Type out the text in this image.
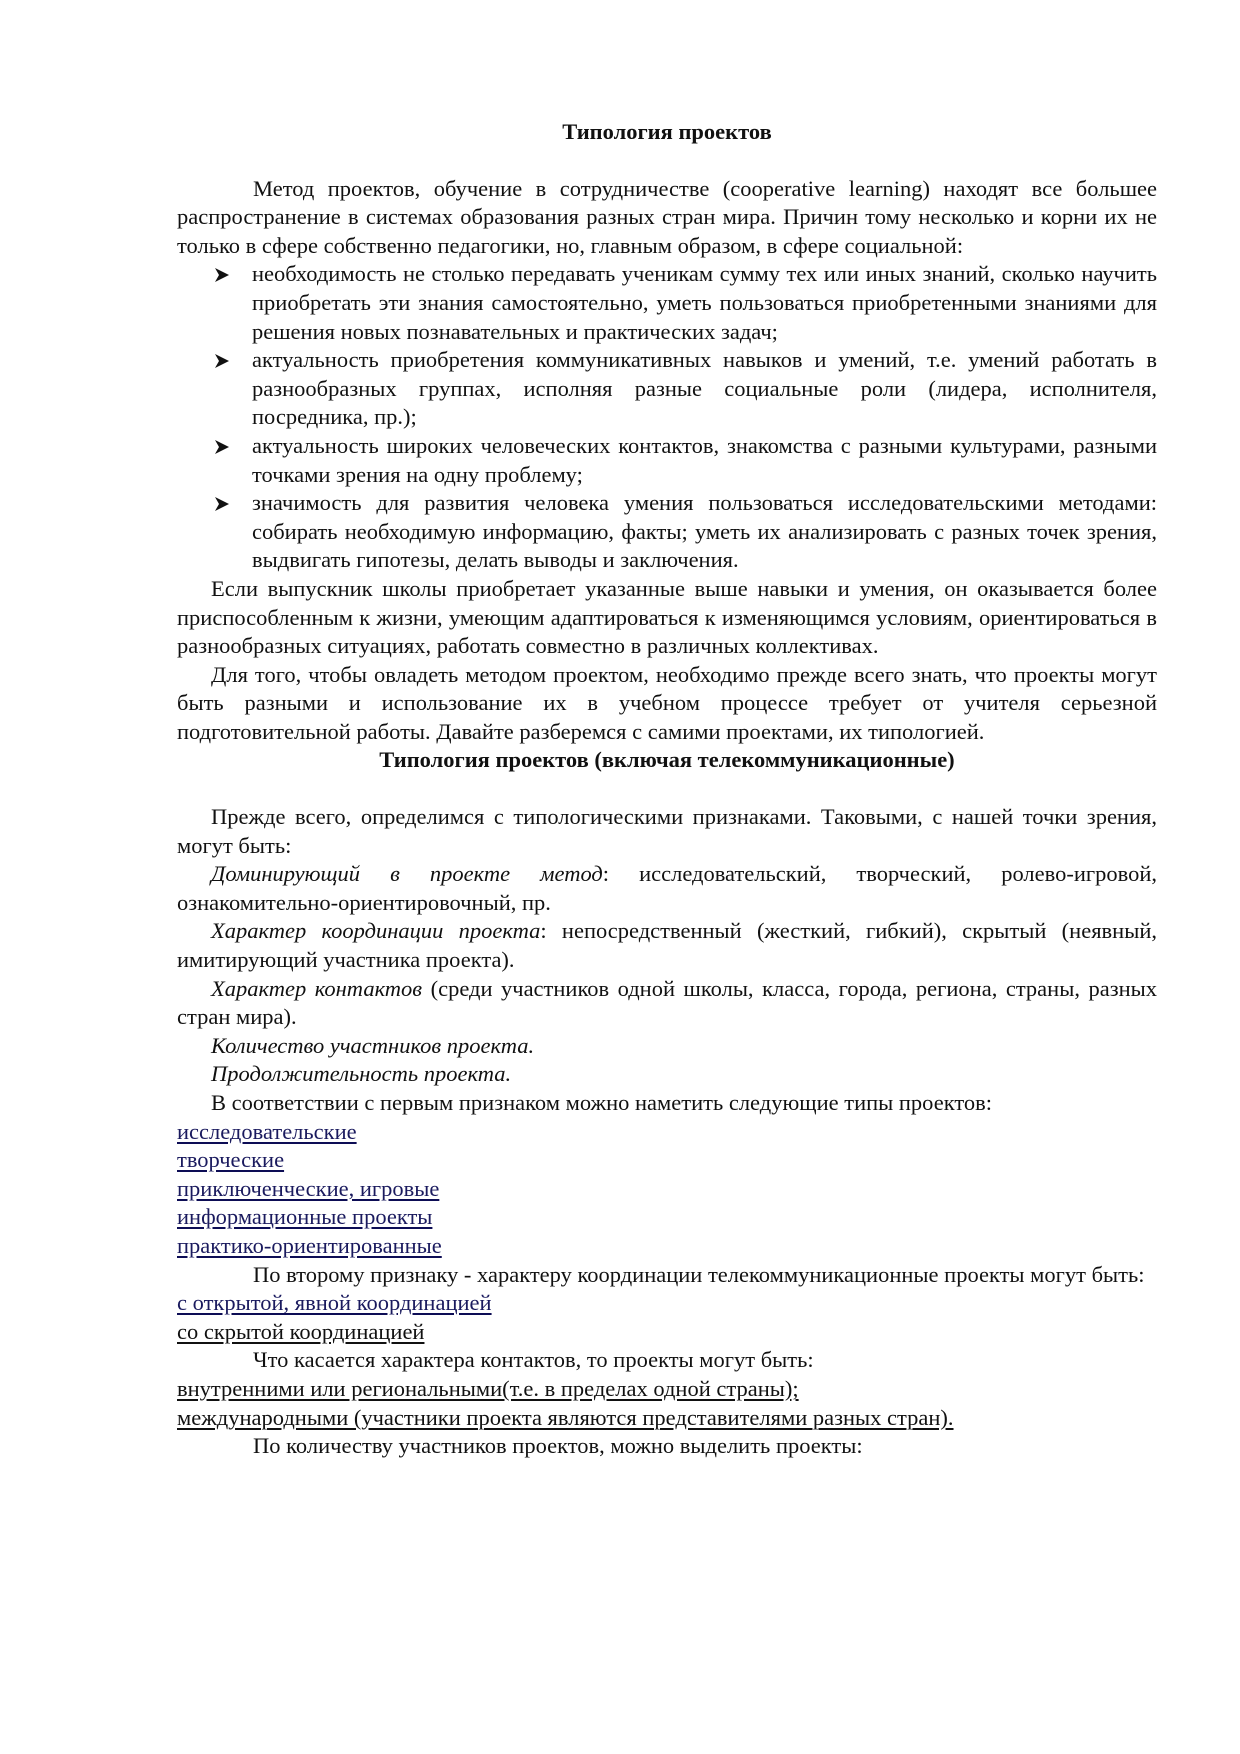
Типология проектов

Метод проектов, обучение в сотрудничестве (cooperative learning) находят все большее распространение в системах образования разных стран мира. Причин тому несколько и корни их не только в сфере собственно педагогики, но, главным образом, в сфере социальной:

необходимость не столько передавать ученикам сумму тех или иных знаний, сколько научить приобретать эти знания самостоятельно, уметь пользоваться приобретенными знаниями для решения новых познавательных и практических задач;
актуальность приобретения коммуникативных навыков и умений, т.е. умений работать в разнообразных группах, исполняя разные социальные роли (лидера, исполнителя, посредника, пр.);
актуальность широких человеческих контактов, знакомства с разными культурами, разными точками зрения на одну проблему;
значимость для развития человека умения пользоваться исследовательскими методами: собирать необходимую информацию, факты; уметь их анализировать с разных точек зрения, выдвигать гипотезы, делать выводы и заключения.

Если выпускник школы приобретает указанные выше навыки и умения, он оказывается более приспособленным к жизни, умеющим адаптироваться к изменяющимся условиям, ориентироваться в разнообразных ситуациях, работать совместно в различных коллективах.

Для того, чтобы овладеть методом проектом, необходимо прежде всего знать, что проекты могут быть разными и использование их в учебном процессе требует от учителя серьезной подготовительной работы. Давайте разберемся с самими проектами, их типологией.

Типология проектов (включая телекоммуникационные)

Прежде всего, определимся с типологическими признаками. Таковыми, с нашей точки зрения, могут быть:

Доминирующий в проекте метод: исследовательский, творческий, ролево-игровой, ознакомительно-ориентировочный, пр.

Характер координации проекта: непосредственный (жесткий, гибкий), скрытый (неявный, имитирующий участника проекта).

Характер контактов (среди участников одной школы, класса, города, региона, страны, разных стран мира).

Количество участников проекта.

Продолжительность проекта.

В соответствии с первым признаком можно наметить следующие типы проектов:

исследовательские
творческие
приключенческие, игровые
информационные проекты
практико-ориентированные

По второму признаку - характеру координации телекоммуникационные проекты могут быть:

с открытой, явной координацией
со скрытой координацией

Что касается характера контактов, то проекты могут быть:

внутренними или региональными(т.е. в пределах одной страны);
международными (участники проекта являются представителями разных стран).

По количеству участников проектов, можно выделить проекты:
